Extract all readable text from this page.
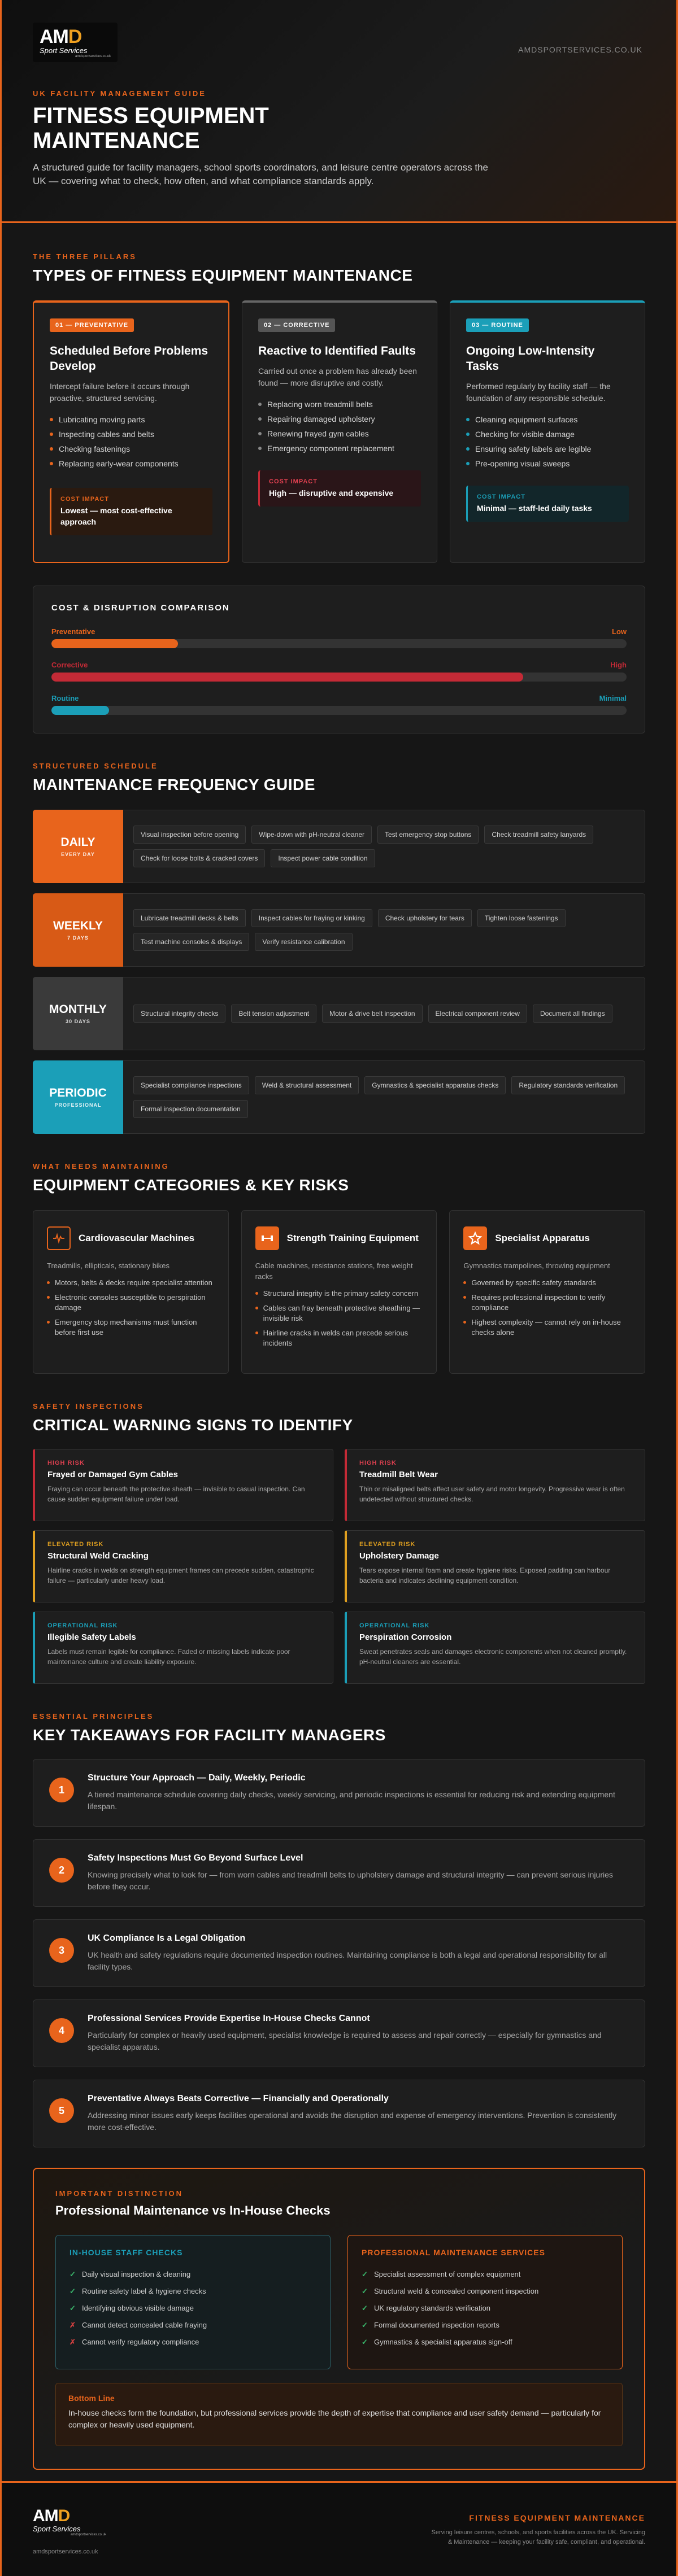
AMD
Sport Services
amdsportservices.co.uk
AMDSPORTSERVICES.CO.UK
UK FACILITY MANAGEMENT GUIDE
FITNESS EQUIPMENT MAINTENANCE

A structured guide for facility managers, school sports coordinators, and leisure centre operators across the UK — covering what to check, how often, and what compliance standards apply.

THE THREE PILLARS
TYPES OF FITNESS EQUIPMENT MAINTENANCE
01 — PREVENTATIVE
Scheduled Before Problems Develop
Intercept failure before it occurs through proactive, structured servicing.
Lubricating moving parts
Inspecting cables and belts
Checking fastenings
Replacing early-wear components
COST IMPACT
Lowest — most cost-effective approach
02 — CORRECTIVE
Reactive to Identified Faults
Carried out once a problem has already been found — more disruptive and costly.
Replacing worn treadmill belts
Repairing damaged upholstery
Renewing frayed gym cables
Emergency component replacement
COST IMPACT
High — disruptive and expensive
03 — ROUTINE
Ongoing Low-Intensity Tasks
Performed regularly by facility staff — the foundation of any responsible schedule.
Cleaning equipment surfaces
Checking for visible damage
Ensuring safety labels are legible
Pre-opening visual sweeps
COST IMPACT
Minimal — staff-led daily tasks
COST & DISRUPTION COMPARISON
Preventative	Low
Corrective	High
Routine	Minimal
STRUCTURED SCHEDULE
MAINTENANCE FREQUENCY GUIDE
DAILY
EVERY DAY
Visual inspection before opening	Wipe-down with pH-neutral cleaner	Test emergency stop buttons	Check treadmill safety lanyards
Check for loose bolts & cracked covers	Inspect power cable condition
WEEKLY
7 DAYS
Lubricate treadmill decks & belts	Inspect cables for fraying or kinking	Check upholstery for tears	Tighten loose fastenings
Test machine consoles & displays	Verify resistance calibration
MONTHLY
30 DAYS
Structural integrity checks	Belt tension adjustment	Motor & drive belt inspection	Electrical component review	Document all findings
PERIODIC
PROFESSIONAL
Specialist compliance inspections	Weld & structural assessment	Gymnastics & specialist apparatus checks	Regulatory standards verification
Formal inspection documentation
WHAT NEEDS MAINTAINING
EQUIPMENT CATEGORIES & KEY RISKS
Cardiovascular Machines
Treadmills, ellipticals, stationary bikes
Motors, belts & decks require specialist attention
Electronic consoles susceptible to perspiration damage
Emergency stop mechanisms must function before first use
Strength Training Equipment
Cable machines, resistance stations, free weight racks
Structural integrity is the primary safety concern
Cables can fray beneath protective sheathing — invisible risk
Hairline cracks in welds can precede serious incidents
Specialist Apparatus
Gymnastics trampolines, throwing equipment
Governed by specific safety standards
Requires professional inspection to verify compliance
Highest complexity — cannot rely on in-house checks alone
SAFETY INSPECTIONS
CRITICAL WARNING SIGNS TO IDENTIFY
HIGH RISK
Frayed or Damaged Gym Cables

Fraying can occur beneath the protective sheath — invisible to casual inspection. Can cause sudden equipment failure under load.

HIGH RISK
Treadmill Belt Wear

Thin or misaligned belts affect user safety and motor longevity. Progressive wear is often undetected without structured checks.

ELEVATED RISK
Structural Weld Cracking

Hairline cracks in welds on strength equipment frames can precede sudden, catastrophic failure — particularly under heavy load.

ELEVATED RISK
Upholstery Damage

Tears expose internal foam and create hygiene risks. Exposed padding can harbour bacteria and indicates declining equipment condition.

OPERATIONAL RISK
Illegible Safety Labels

Labels must remain legible for compliance. Faded or missing labels indicate poor maintenance culture and create liability exposure.

OPERATIONAL RISK
Perspiration Corrosion

Sweat penetrates seals and damages electronic components when not cleaned promptly. pH-neutral cleaners are essential.

ESSENTIAL PRINCIPLES
KEY TAKEAWAYS FOR FACILITY MANAGERS
1
Structure Your Approach — Daily, Weekly, Periodic

A tiered maintenance schedule covering daily checks, weekly servicing, and periodic inspections is essential for reducing risk and extending equipment lifespan.

2
Safety Inspections Must Go Beyond Surface Level

Knowing precisely what to look for — from worn cables and treadmill belts to upholstery damage and structural integrity — can prevent serious injuries before they occur.

3
UK Compliance Is a Legal Obligation

UK health and safety regulations require documented inspection routines. Maintaining compliance is both a legal and operational responsibility for all facility types.

4
Professional Services Provide Expertise In-House Checks Cannot

Particularly for complex or heavily used equipment, specialist knowledge is required to assess and repair correctly — especially for gymnastics and specialist apparatus.

5
Preventative Always Beats Corrective — Financially and Operationally

Addressing minor issues early keeps facilities operational and avoids the disruption and expense of emergency interventions. Prevention is consistently more cost-effective.

IMPORTANT DISTINCTION
Professional Maintenance vs In-House Checks
IN-HOUSE STAFF CHECKS
✓ Daily visual inspection & cleaning
✓ Routine safety label & hygiene checks
✓ Identifying obvious visible damage
✗ Cannot detect concealed cable fraying
✗ Cannot verify regulatory compliance
PROFESSIONAL MAINTENANCE SERVICES
✓ Specialist assessment of complex equipment
✓ Structural weld & concealed component inspection
✓ UK regulatory standards verification
✓ Formal documented inspection reports
✓ Gymnastics & specialist apparatus sign-off
Bottom Line

In-house checks form the foundation, but professional services provide the depth of expertise that compliance and user safety demand — particularly for complex or heavily used equipment.

AMD
Sport Services
amdsportservices.co.uk
amdsportservices.co.uk
FITNESS EQUIPMENT MAINTENANCE
Serving leisure centres, schools, and sports facilities across the UK. Servicing & Maintenance — keeping your facility safe, compliant, and operational.
